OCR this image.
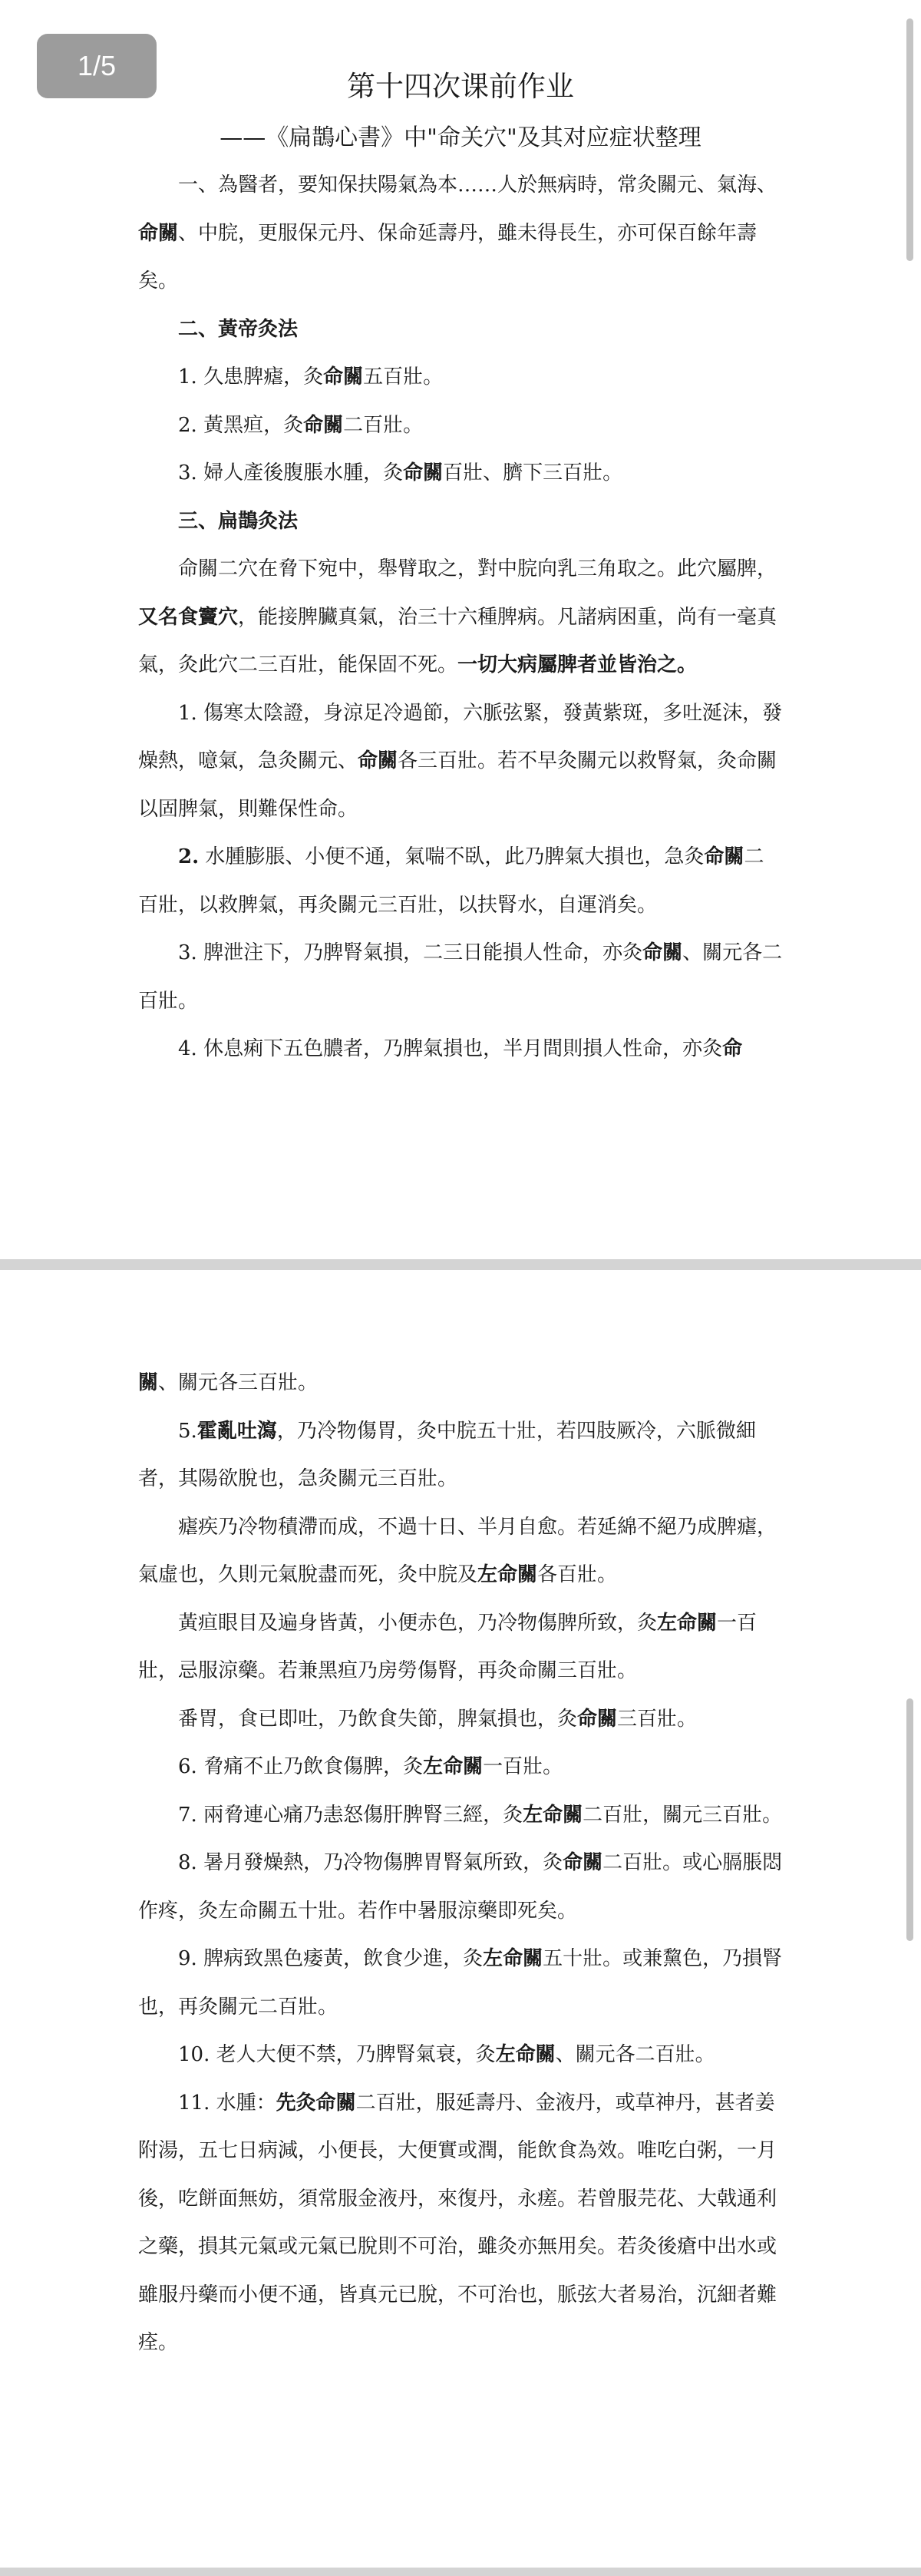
第十四次课前作业
——《扁鵲心書》中"命关穴"及其对应症状整理

一、為醫者，要知保扶陽氣為本……人於無病時，常灸關元、氣海、命關、中脘，更服保元丹、保命延壽丹，雖未得長生，亦可保百餘年壽矣。

二、黃帝灸法

1. 久患脾瘧，灸命關五百壯。

2. 黃黑疸，灸命關二百壯。

3. 婦人產後腹脹水腫，灸命關百壯、臍下三百壯。

三、扁鵲灸法

命關二穴在脅下宛中，舉臂取之，對中脘向乳三角取之。此穴屬脾，又名食竇穴，能接脾臟真氣，治三十六種脾病。凡諸病困重，尚有一毫真氣，灸此穴二三百壯，能保固不死。一切大病屬脾者並皆治之。

1. 傷寒太陰證，身涼足冷過節，六脈弦緊，發黃紫斑，多吐涎沫，發燥熱，噫氣，急灸關元、命關各三百壯。若不早灸關元以救腎氣，灸命關以固脾氣，則難保性命。

2. 水腫膨脹、小便不通，氣喘不臥，此乃脾氣大損也，急灸命關二百壯，以救脾氣，再灸關元三百壯，以扶腎水，自運消矣。

3. 脾泄注下，乃脾腎氣損，二三日能損人性命，亦灸命關、關元各二百壯。

4. 休息痢下五色膿者，乃脾氣損也，半月間則損人性命，亦灸命

1/5

關、關元各三百壯。

5.霍亂吐瀉，乃冷物傷胃，灸中脘五十壯，若四肢厥冷，六脈微細者，其陽欲脫也，急灸關元三百壯。

瘧疾乃冷物積滯而成，不過十日、半月自愈。若延綿不絕乃成脾瘧，氣虛也，久則元氣脫盡而死，灸中脘及左命關各百壯。

黃疸眼目及遍身皆黃，小便赤色，乃冷物傷脾所致，灸左命關一百壯，忌服涼藥。若兼黑疸乃房勞傷腎，再灸命關三百壯。

番胃，食已即吐，乃飲食失節，脾氣損也，灸命關三百壯。

6. 脅痛不止乃飲食傷脾，灸左命關一百壯。

7. 兩脅連心痛乃恚怒傷肝脾腎三經，灸左命關二百壯，關元三百壯。

8. 暑月發燥熱，乃冷物傷脾胃腎氣所致，灸命關二百壯。或心膈脹悶作疼，灸左命關五十壯。若作中暑服涼藥即死矣。

9. 脾病致黑色痿黃，飲食少進，灸左命關五十壯。或兼黧色，乃損腎也，再灸關元二百壯。

10. 老人大便不禁，乃脾腎氣衰，灸左命關、關元各二百壯。

11. 水腫：先灸命關二百壯，服延壽丹、金液丹，或草神丹，甚者姜附湯，五七日病減，小便長，大便實或潤，能飲食為效。唯吃白粥，一月後，吃餅面無妨，須常服金液丹，來復丹，永瘥。若曾服芫花、大戟通利之藥，損其元氣或元氣已脫則不可治，雖灸亦無用矣。若灸後瘡中出水或雖服丹藥而小便不通，皆真元已脫，不可治也，脈弦大者易治，沉細者難痊。
